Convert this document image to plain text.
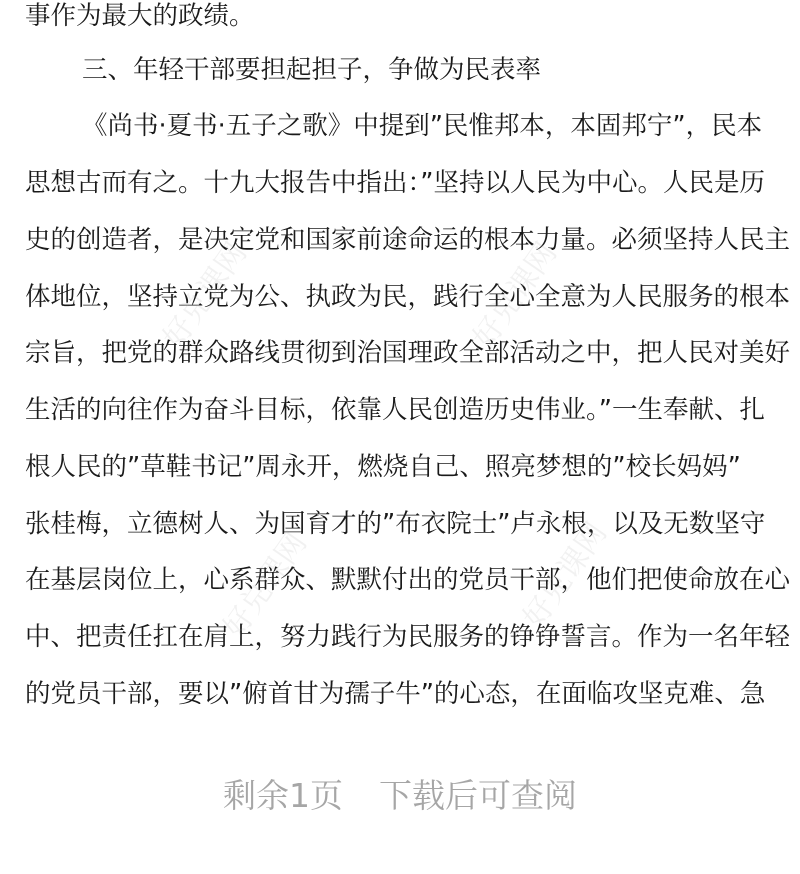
事作为最大的政绩。
三、年轻干部要担起担子，争做为民表率
《尚书·夏书·五子之歌》中提到”民惟邦本，本固邦宁”，民本
思想古而有之。十九大报告中指出：”坚持以人民为中心。人民是历
史的创造者，是决定党和国家前途命运的根本力量。必须坚持人民主
体地位，坚持立党为公、执政为民，践行全心全意为人民服务的根本
宗旨，把党的群众路线贯彻到治国理政全部活动之中，把人民对美好
生活的向往作为奋斗目标，依靠人民创造历史伟业。”一生奉献、扎
根人民的”草鞋书记”周永开，燃烧自己、照亮梦想的”校长妈妈”
张桂梅，立德树人、为国育才的”布衣院士”卢永根，以及无数坚守
在基层岗位上，心系群众、默默付出的党员干部，他们把使命放在心
中、把责任扛在肩上，努力践行为民服务的铮铮誓言。作为一名年轻
的党员干部，要以”俯首甘为孺子牛”的心态，在面临攻坚克难、急
好兑课网	好兑课网
好兑课网	好兑课网
剩余1页 下载后可查阅
